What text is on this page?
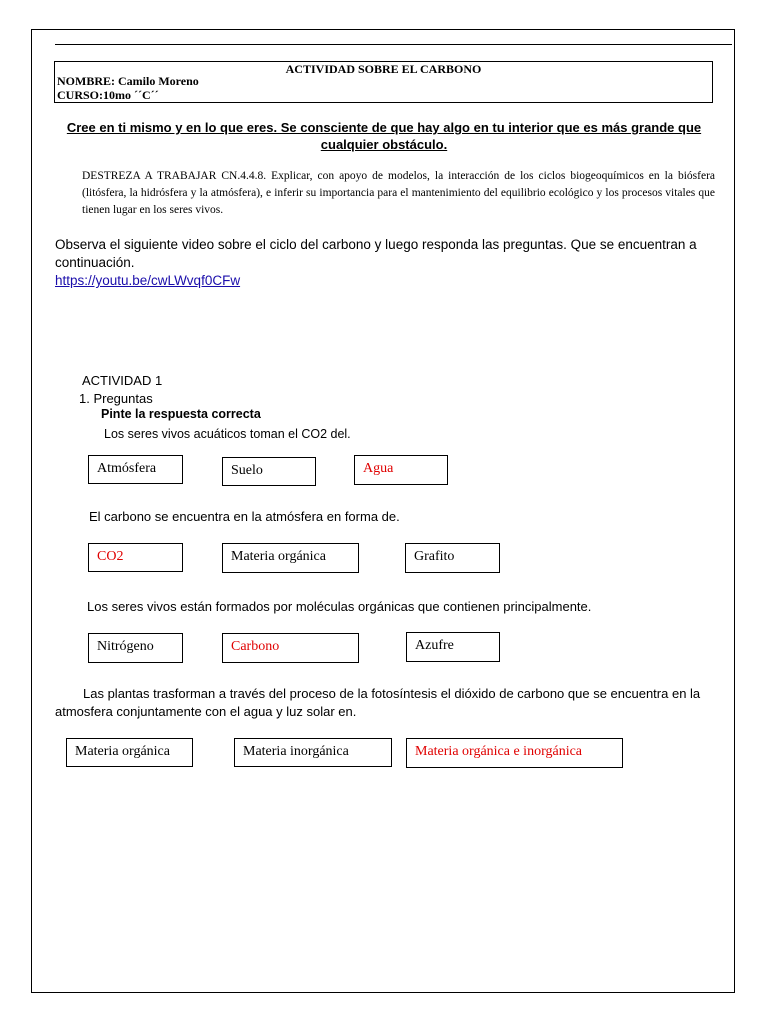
ACTIVIDAD SOBRE EL CARBONO
NOMBRE: Camilo Moreno
CURSO:10mo ´´C´´
Cree en ti mismo y en lo que eres. Se consciente de que hay algo en tu interior que es más grande que cualquier obstáculo.
DESTREZA A TRABAJAR CN.4.4.8. Explicar, con apoyo de modelos, la interacción de los ciclos biogeoquímicos en la biósfera (litósfera, la hidrósfera y la atmósfera), e inferir su importancia para el mantenimiento del equilibrio ecológico y los procesos vitales que tienen lugar en los seres vivos.
Observa el siguiente video sobre el ciclo del carbono y luego responda las preguntas. Que se encuentran a continuación.
https://youtu.be/cwLWvqf0CFw
ACTIVIDAD 1
1. Preguntas
Pinte la respuesta correcta
Los seres vivos acuáticos toman el CO2 del.
Atmósfera	Suelo	Agua
El carbono se encuentra en la atmósfera en forma de.
CO2	Materia orgánica	Grafito
Los seres vivos están formados por moléculas orgánicas que contienen principalmente.
Nitrógeno	Carbono	Azufre
Las plantas trasforman a través del proceso de la fotosíntesis el dióxido de carbono que se encuentra en la atmosfera conjuntamente con el agua y luz solar en.
Materia orgánica	Materia inorgánica	Materia orgánica e inorgánica
